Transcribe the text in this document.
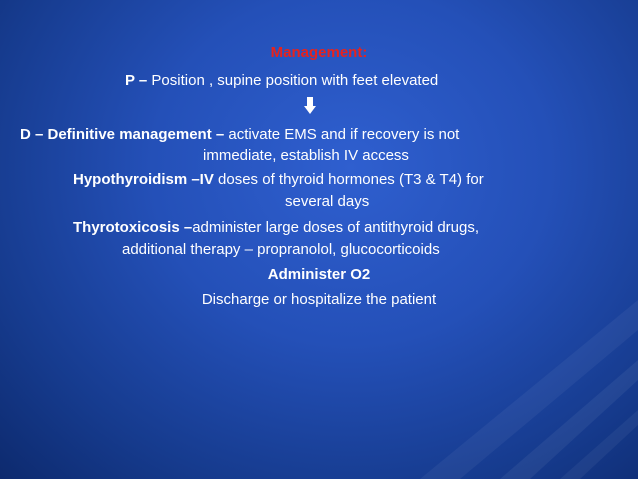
Management:
P – Position , supine position with feet elevated
D – Definitive management – activate EMS and if recovery is not
immediate, establish IV access
Hypothyroidism –IV doses of thyroid hormones (T3 & T4) for
several days
Thyrotoxicosis –administer large doses of antithyroid drugs,
additional therapy – propranolol, glucocorticoids
Administer O2
Discharge or hospitalize the patient
